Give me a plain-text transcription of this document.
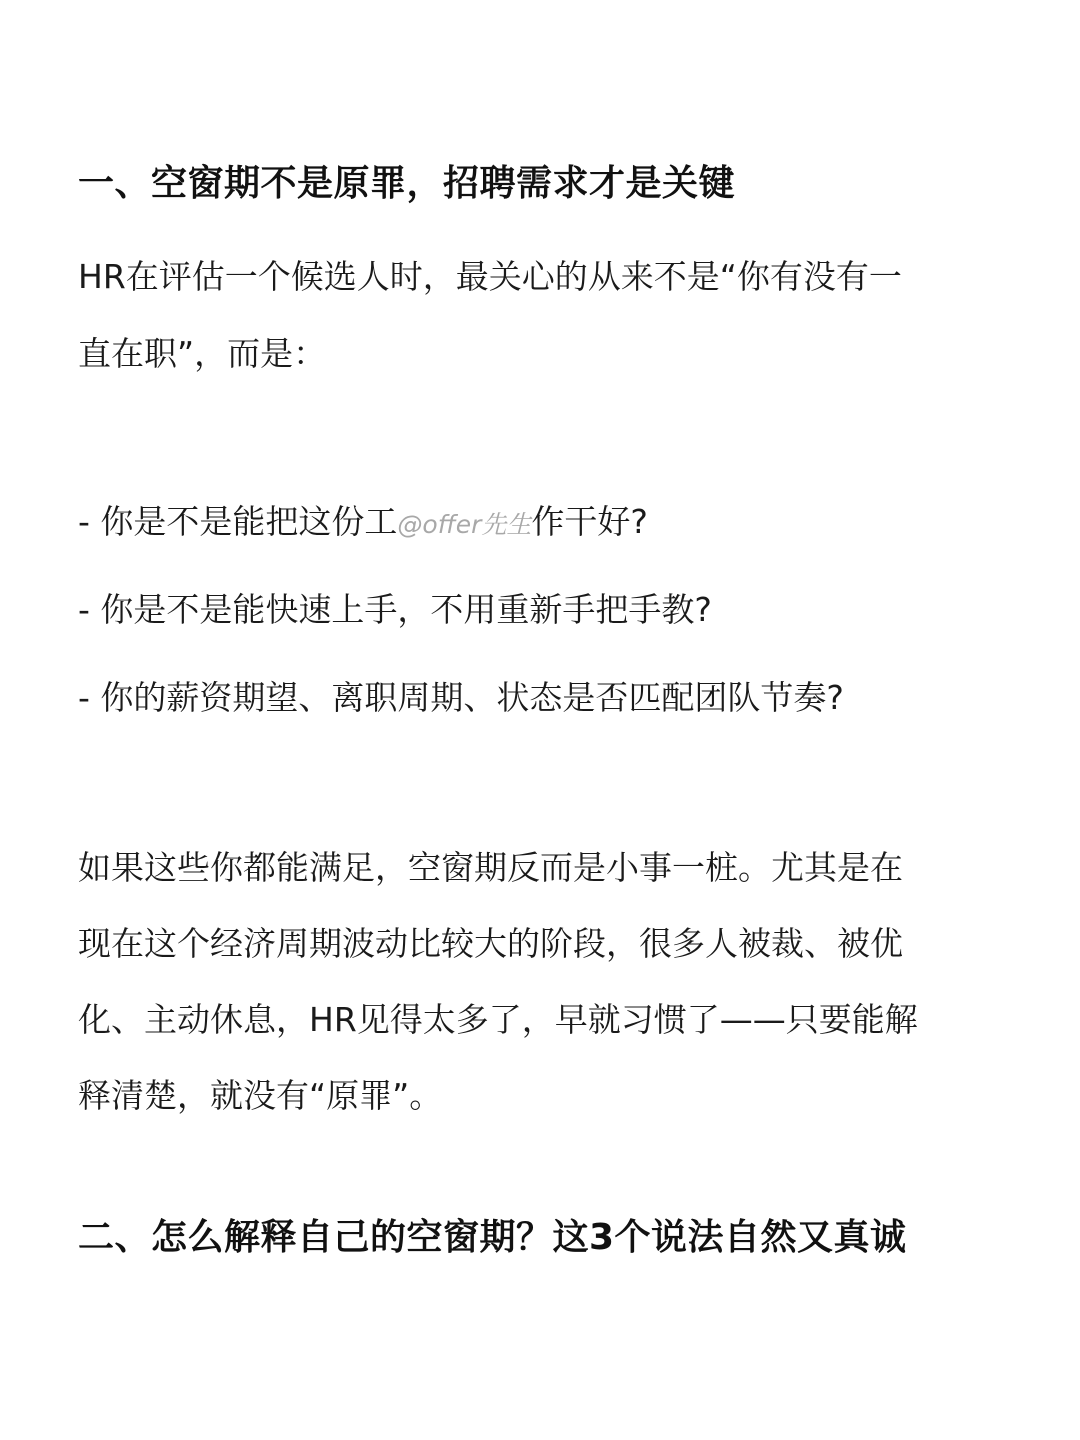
一、空窗期不是原罪，招聘需求才是关键
HR在评估一个候选人时，最关心的从来不是“你有没有一
直在职”，而是：
- 你是不是能把这份工@offer先生作干好?
- 你是不是能快速上手，不用重新手把手教?
- 你的薪资期望、离职周期、状态是否匹配团队节奏?
如果这些你都能满足，空窗期反而是小事一桩。尤其是在
现在这个经济周期波动比较大的阶段，很多人被裁、被优
化、主动休息，HR见得太多了，早就习惯了——只要能解
释清楚，就没有“原罪”。
二、怎么解释自己的空窗期？这3个说法自然又真诚
